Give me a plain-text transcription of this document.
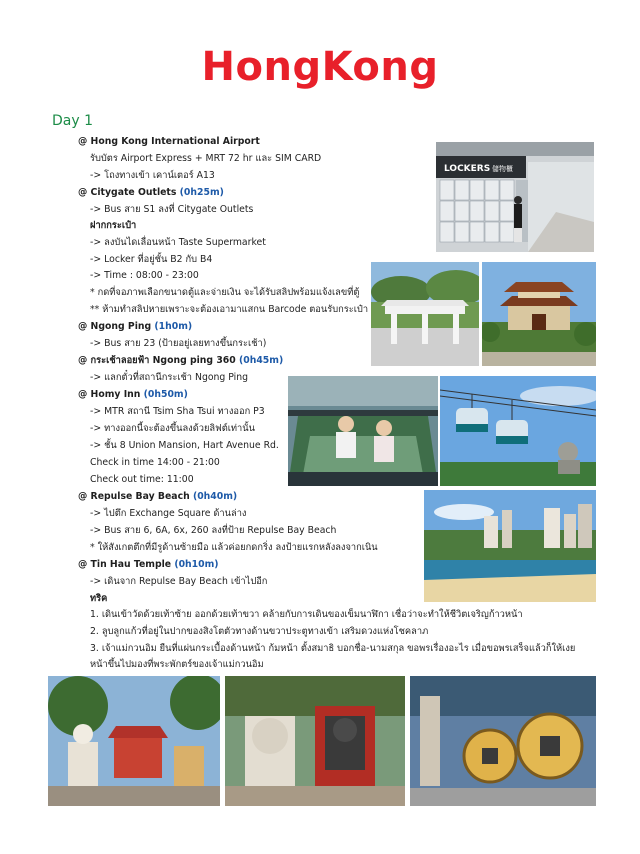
HongKong
Day 1
@ Hong Kong International Airport
รับบัตร Airport Express + MRT 72 hr และ SIM CARD
-> โถงทางเข้า เคาน์เตอร์ A13
@ Citygate Outlets (0h25m)
-> Bus สาย S1 ลงที่ Citygate Outlets
ฝากกระเป๋า
-> ลงบันไดเลื่อนหน้า Taste Supermarket
-> Locker ที่อยู่ชั้น B2 กับ B4
-> Time : 08:00 - 23:00
* กดที่จอภาพเลือกขนาดตู้และจ่ายเงิน จะได้รับสลิปพร้อมแจ้งเลขที่ตู้
** ห้ามทำสลิปหายเพราะจะต้องเอามาแสกน Barcode ตอนรับกระเป๋า
@ Ngong Ping (1h0m)
-> Bus สาย 23 (ป้ายอยู่เลยทางขึ้นกระเช้า)
@ กระเช้าลอยฟ้า Ngong ping 360 (0h45m)
-> แลกตั๋วที่สถานีกระเช้า Ngong Ping
@ Homy Inn (0h50m)
-> MTR สถานี Tsim Sha Tsui ทางออก P3
-> ทางออกนี้จะต้องขึ้นลงด้วยลิฟต์เท่านั้น
-> ชั้น 8 Union Mansion, Hart Avenue Rd.
Check in time 14:00 - 21:00
Check out time: 11:00
@ Repulse Bay Beach (0h40m)
-> ไปตึก Exchange Square ด้านล่าง
-> Bus สาย 6, 6A, 6x, 260 ลงที่ป้าย Repulse Bay Beach
* ให้สังเกตตึกที่มีรูด้านซ้ายมือ แล้วค่อยกดกริ่ง ลงป้ายแรกหลังลงจากเนิน
@ Tin Hau Temple (0h10m)
-> เดินจาก Repulse Bay Beach เข้าไปอีก
ทริค
1. เดินเข้าวัดด้วยเท้าซ้าย ออกด้วยเท้าขวา คล้ายกับการเดินของเข็มนาฬิกา เชื่อว่าจะทำให้ชีวิตเจริญก้าวหน้า
2. ลูบลูกแก้วที่อยู่ในปากของสิงโตตัวทางด้านขวาประตูทางเข้า เสริมดวงแห่งโชคลาภ
3. เจ้าแม่กวนอิม ยืนที่แผ่นกระเบื้องด้านหน้า ก้มหน้า ตั้งสมาธิ บอกชื่อ-นามสกุล ขอพรเรื่องอะไร เมื่อขอพรเสร็จแล้วก็ให้เงย
หน้าขึ้นไปมองที่พระพักตร์ของเจ้าแม่กวนอิม
LOCKERS 儲物櫃
